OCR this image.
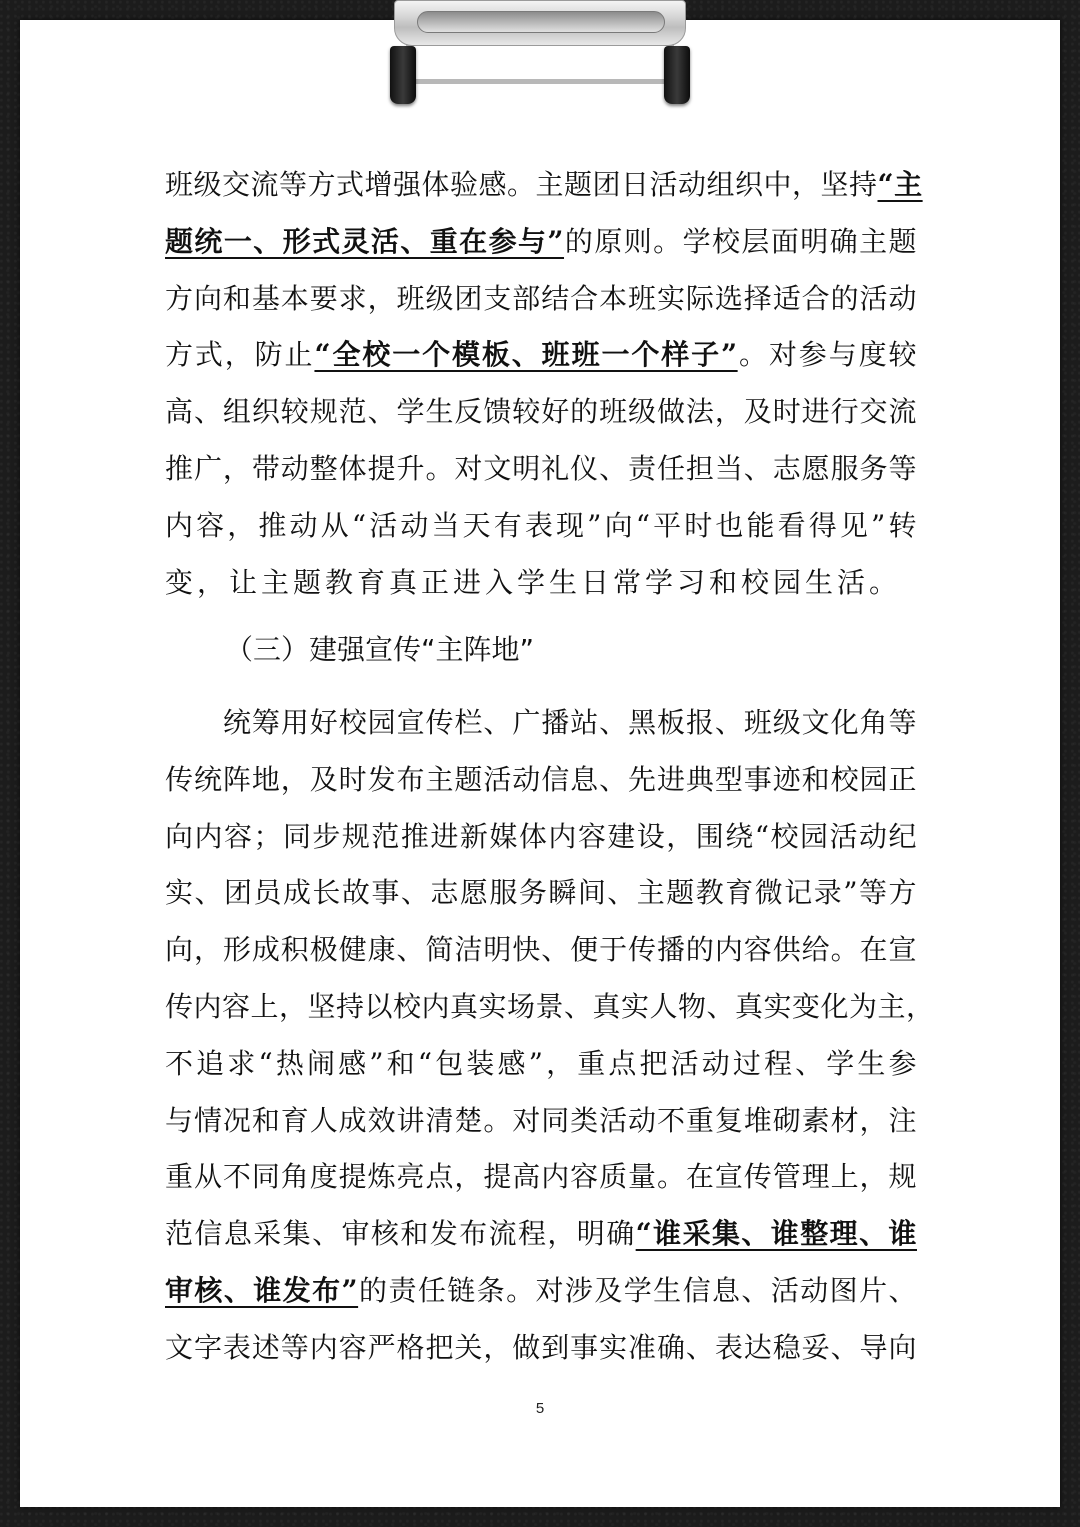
班级交流等方式增强体验感。主题团日活动组织中，坚持“主
题统一、形式灵活、重在参与”的原则。学校层面明确主题
方向和基本要求，班级团支部结合本班实际选择适合的活动
方式，防止“全校一个模板、班班一个样子”。对参与度较
高、组织较规范、学生反馈较好的班级做法，及时进行交流
推广，带动整体提升。对文明礼仪、责任担当、志愿服务等
内容，推动从“活动当天有表现”向“平时也能看得见”转
变，让主题教育真正进入学生日常学习和校园生活。
（三）建强宣传“主阵地”
统筹用好校园宣传栏、广播站、黑板报、班级文化角等
传统阵地，及时发布主题活动信息、先进典型事迹和校园正
向内容；同步规范推进新媒体内容建设，围绕“校园活动纪
实、团员成长故事、志愿服务瞬间、主题教育微记录”等方
向，形成积极健康、简洁明快、便于传播的内容供给。在宣
传内容上，坚持以校内真实场景、真实人物、真实变化为主，
不追求“热闹感”和“包装感”，重点把活动过程、学生参
与情况和育人成效讲清楚。对同类活动不重复堆砌素材，注
重从不同角度提炼亮点，提高内容质量。在宣传管理上，规
范信息采集、审核和发布流程，明确“谁采集、谁整理、谁
审核、谁发布”的责任链条。对涉及学生信息、活动图片、
文字表述等内容严格把关，做到事实准确、表达稳妥、导向
5
